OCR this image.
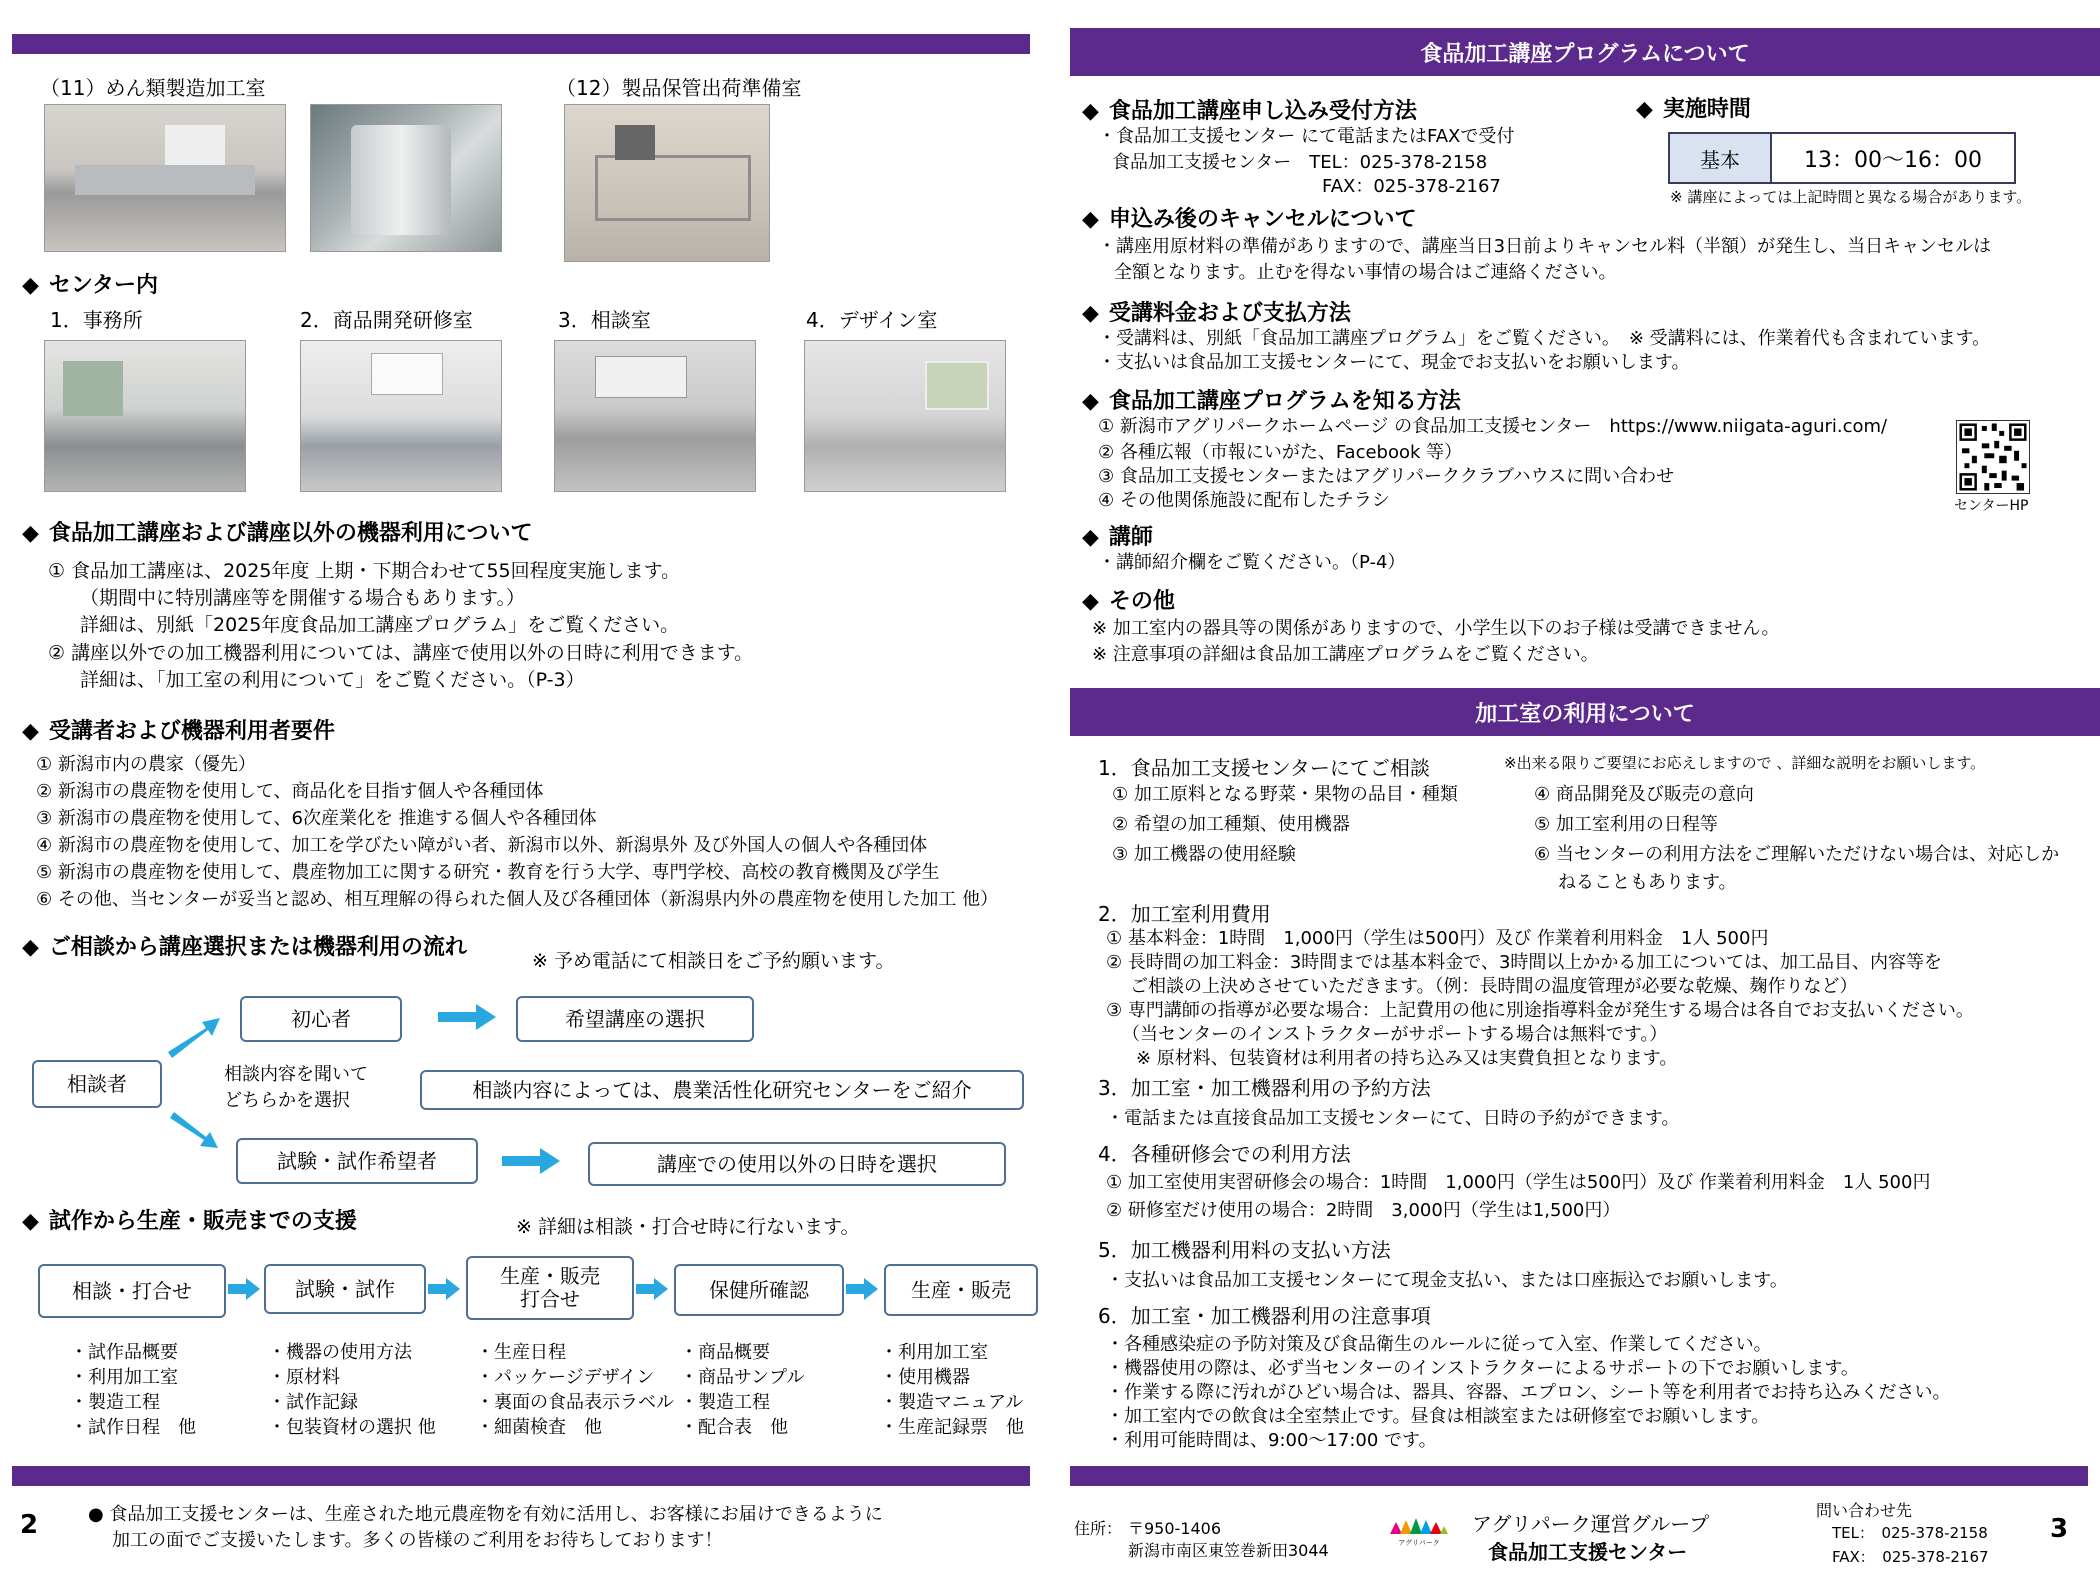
（11）めん類製造加工室	（12）製品保管出荷準備室
◆ センター内
1．事務所	2．商品開発研修室	3．相談室	4．デザイン室
◆ 食品加工講座および講座以外の機器利用について
① 食品加工講座は、2025年度 上期・下期合わせて55回程度実施します。
（期間中に特別講座等を開催する場合もあります。）
詳細は、別紙「2025年度食品加工講座プログラム」をご覧ください。
② 講座以外での加工機器利用については、講座で使用以外の日時に利用できます。
詳細は、「加工室の利用について」をご覧ください。（P-3）
◆ 受講者および機器利用者要件
① 新潟市内の農家（優先）
② 新潟市の農産物を使用して、商品化を目指す個人や各種団体
③ 新潟市の農産物を使用して、6次産業化を 推進する個人や各種団体
④ 新潟市の農産物を使用して、加工を学びたい障がい者、新潟市以外、新潟県外 及び外国人の個人や各種団体
⑤ 新潟市の農産物を使用して、農産物加工に関する研究・教育を行う大学、専門学校、高校の教育機関及び学生
⑥ その他、当センターが妥当と認め、相互理解の得られた個人及び各種団体（新潟県内外の農産物を使用した加工 他）
◆ ご相談から講座選択または機器利用の流れ
※ 予め電話にて相談日をご予約願います。
相談者
初心者	希望講座の選択
相談内容を聞いて
どちらかを選択	相談内容によっては、農業活性化研究センターをご紹介
試験・試作希望者	講座での使用以外の日時を選択
◆ 試作から生産・販売までの支援	※ 詳細は相談・打合せ時に行ないます。
相談・打合せ	試験・試作
生産・販売
打合せ	保健所確認	生産・販売
・試作品概要
・利用加工室
・製造工程
・試作日程　他
・機器の使用方法
・原材料
・試作記録
・包装資材の選択 他
・生産日程
・パッケージデザイン
・裏面の食品表示ラベル
・細菌検査　他
・商品概要
・商品サンプル
・製造工程
・配合表　他
・利用加工室
・使用機器
・製造マニュアル
・生産記録票　他
2	● 食品加工支援センターは、生産された地元農産物を有効に活用し、お客様にお届けできるように
加工の面でご支援いたします。多くの皆様のご利用をお待ちしております！
食品加工講座プログラムについて
◆ 食品加工講座申し込み受付方法
・食品加工支援センター にて電話またはFAXで受付
食品加工支援センター　TEL：025-378-2158
FAX：025-378-2167
◆ 実施時間
基本	13：00～16：00
※ 講座によっては上記時間と異なる場合があります。
◆ 申込み後のキャンセルについて
・講座用原材料の準備がありますので、講座当日3日前よりキャンセル料（半額）が発生し、当日キャンセルは
全額となります。止むを得ない事情の場合はご連絡ください。
◆ 受講料金および支払方法
・受講料は、別紙「食品加工講座プログラム」をご覧ください。　※ 受講料には、作業着代も含まれています。
・支払いは食品加工支援センターにて、現金でお支払いをお願いします。
◆ 食品加工講座プログラムを知る方法
① 新潟市アグリパークホームページ の食品加工支援センター　https://www.niigata-aguri.com/
② 各種広報（市報にいがた、Facebook 等）
③ 食品加工支援センターまたはアグリパーククラブハウスに問い合わせ
④ その他関係施設に配布したチラシ	センターHP
◆ 講師
・講師紹介欄をご覧ください。（P-4）
◆ その他
※ 加工室内の器具等の関係がありますので、小学生以下のお子様は受講できません。
※ 注意事項の詳細は食品加工講座プログラムをご覧ください。
加工室の利用について
1．食品加工支援センターにてご相談	※出来る限りご要望にお応えしますので 、詳細な説明をお願いします。
① 加工原料となる野菜・果物の品目・種類
② 希望の加工種類、使用機器
③ 加工機器の使用経験
④ 商品開発及び販売の意向
⑤ 加工室利用の日程等
⑥ 当センターの利用方法をご理解いただけない場合は、対応しか
ねることもあります。
2．加工室利用費用
① 基本料金：1時間　1,000円（学生は500円）及び 作業着利用料金　1人 500円
② 長時間の加工料金：3時間までは基本料金で、3時間以上かかる加工については、加工品目、内容等を
ご相談の上決めさせていただきます。（例：長時間の温度管理が必要な乾燥、麹作りなど）
③ 専門講師の指導が必要な場合：上記費用の他に別途指導料金が発生する場合は各自でお支払いください。
（当センターのインストラクターがサポートする場合は無料です。）
※ 原材料、包装資材は利用者の持ち込み又は実費負担となります。
3．加工室・加工機器利用の予約方法
・電話または直接食品加工支援センターにて、日時の予約ができます。
4．各種研修会での利用方法
① 加工室使用実習研修会の場合：1時間　1,000円（学生は500円）及び 作業着利用料金　1人 500円
② 研修室だけ使用の場合：2時間　3,000円（学生は1,500円）
5．加工機器利用料の支払い方法
・支払いは食品加工支援センターにて現金支払い、または口座振込でお願いします。
6．加工室・加工機器利用の注意事項
・各種感染症の予防対策及び食品衛生のルールに従って入室、作業してください。
・機器使用の際は、必ず当センターのインストラクターによるサポートの下でお願いします。
・作業する際に汚れがひどい場合は、器具、容器、エプロン、シート等を利用者でお持ち込みください。
・加工室内での飲食は全室禁止です。昼食は相談室または研修室でお願いします。
・利用可能時間は、9:00～17:00 です。
住所： 〒950-1406
新潟市南区東笠巻新田3044	アグリパーク
アグリパーク運営グループ
食品加工支援センター
問い合わせ先
TEL：　025-378-2158
FAX：　025-378-2167
3
